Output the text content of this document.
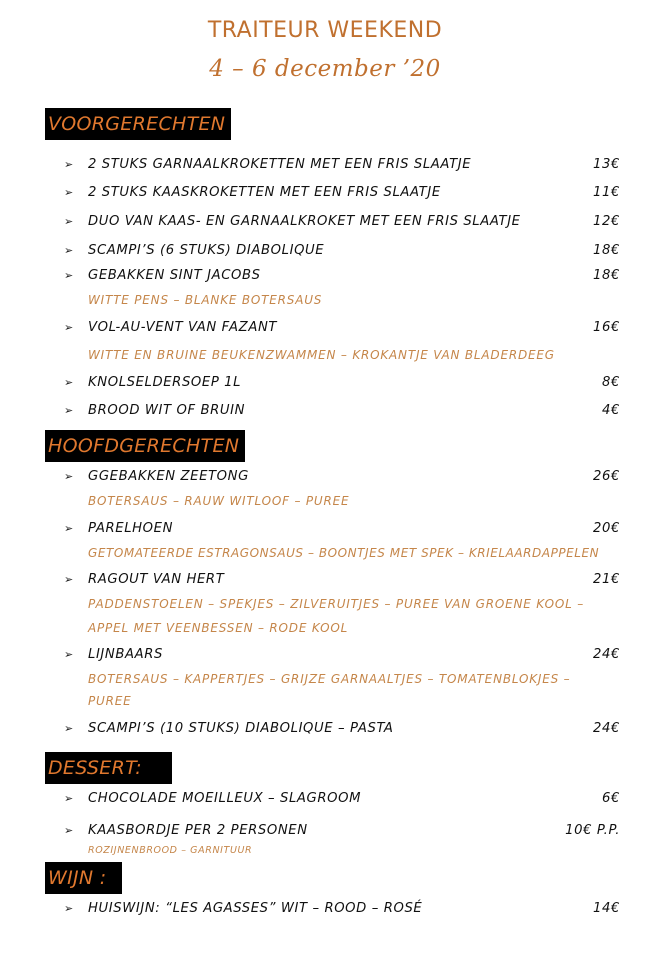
TRAITEUR WEEKEND
4 – 6 december ’20
VOORGERECHTEN
➢ 2 STUKS GARNAALKROKETTEN MET EEN FRIS SLAATJE	13€
➢ 2 STUKS KAASKROKETTEN MET EEN FRIS SLAATJE	11€
➢ DUO VAN KAAS- EN GARNAALKROKET MET EEN FRIS SLAATJE	12€
➢ SCAMPI’S (6 STUKS) DIABOLIQUE	18€
➢ GEBAKKEN SINT JACOBS	18€
WITTE PENS – BLANKE BOTERSAUS
➢ VOL-AU-VENT VAN FAZANT	16€
WITTE EN BRUINE BEUKENZWAMMEN – KROKANTJE VAN BLADERDEEG
➢ KNOLSELDERSOEP 1L	8€
➢ BROOD WIT OF BRUIN	4€
HOOFDGERECHTEN
➢ GGEBAKKEN ZEETONG	26€
BOTERSAUS – RAUW WITLOOF – PUREE
➢ PARELHOEN	20€
GETOMATEERDE ESTRAGONSAUS – BOONTJES MET SPEK – KRIELAARDAPPELEN
➢ RAGOUT VAN HERT	21€
PADDENSTOELEN – SPEKJES – ZILVERUITJES – PUREE VAN GROENE KOOL –
APPEL MET VEENBESSEN – RODE KOOL
➢ LIJNBAARS	24€
BOTERSAUS – KAPPERTJES – GRIJZE GARNAALTJES – TOMATENBLOKJES –
PUREE
➢ SCAMPI’S (10 STUKS) DIABOLIQUE – PASTA	24€
DESSERT:
➢ CHOCOLADE MOEILLEUX – SLAGROOM	6€
➢ KAASBORDJE PER 2 PERSONEN	10€ P.P.
ROZIJNENBROOD – GARNITUUR
WIJN :
➢ HUISWIJN: “LES AGASSES” WIT – ROOD – ROSÉ	14€
